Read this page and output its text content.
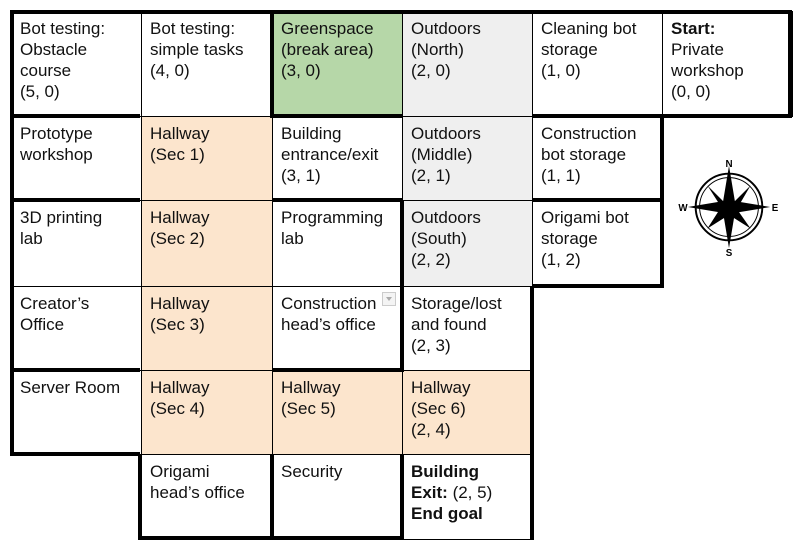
Bot testing:
Obstacle
course
(5, 0)
Bot testing:
simple tasks
(4, 0)
Greenspace
(break area)
(3, 0)
Outdoors
(North)
(2, 0)
Cleaning bot
storage
(1, 0)
Start:
Private
workshop
(0, 0)
Prototype
workshop
Hallway
(Sec 1)
Building
entrance/exit
(3, 1)
Outdoors
(Middle)
(2, 1)
Construction
bot storage
(1, 1)
3D printing
lab
Hallway
(Sec 2)
Programming
lab
Outdoors
(South)
(2, 2)
Origami bot
storage
(1, 2)
Creator’s
Office
Hallway
(Sec 3)
Construction
head’s office
Storage/lost
and found
(2, 3)
Server Room	Hallway
(Sec 4)
Hallway
(Sec 5)
Hallway
(Sec 6)
(2, 4)
Origami
head’s office
Security	Building
Exit: (2, 5)
End goal
N
E
S
W
